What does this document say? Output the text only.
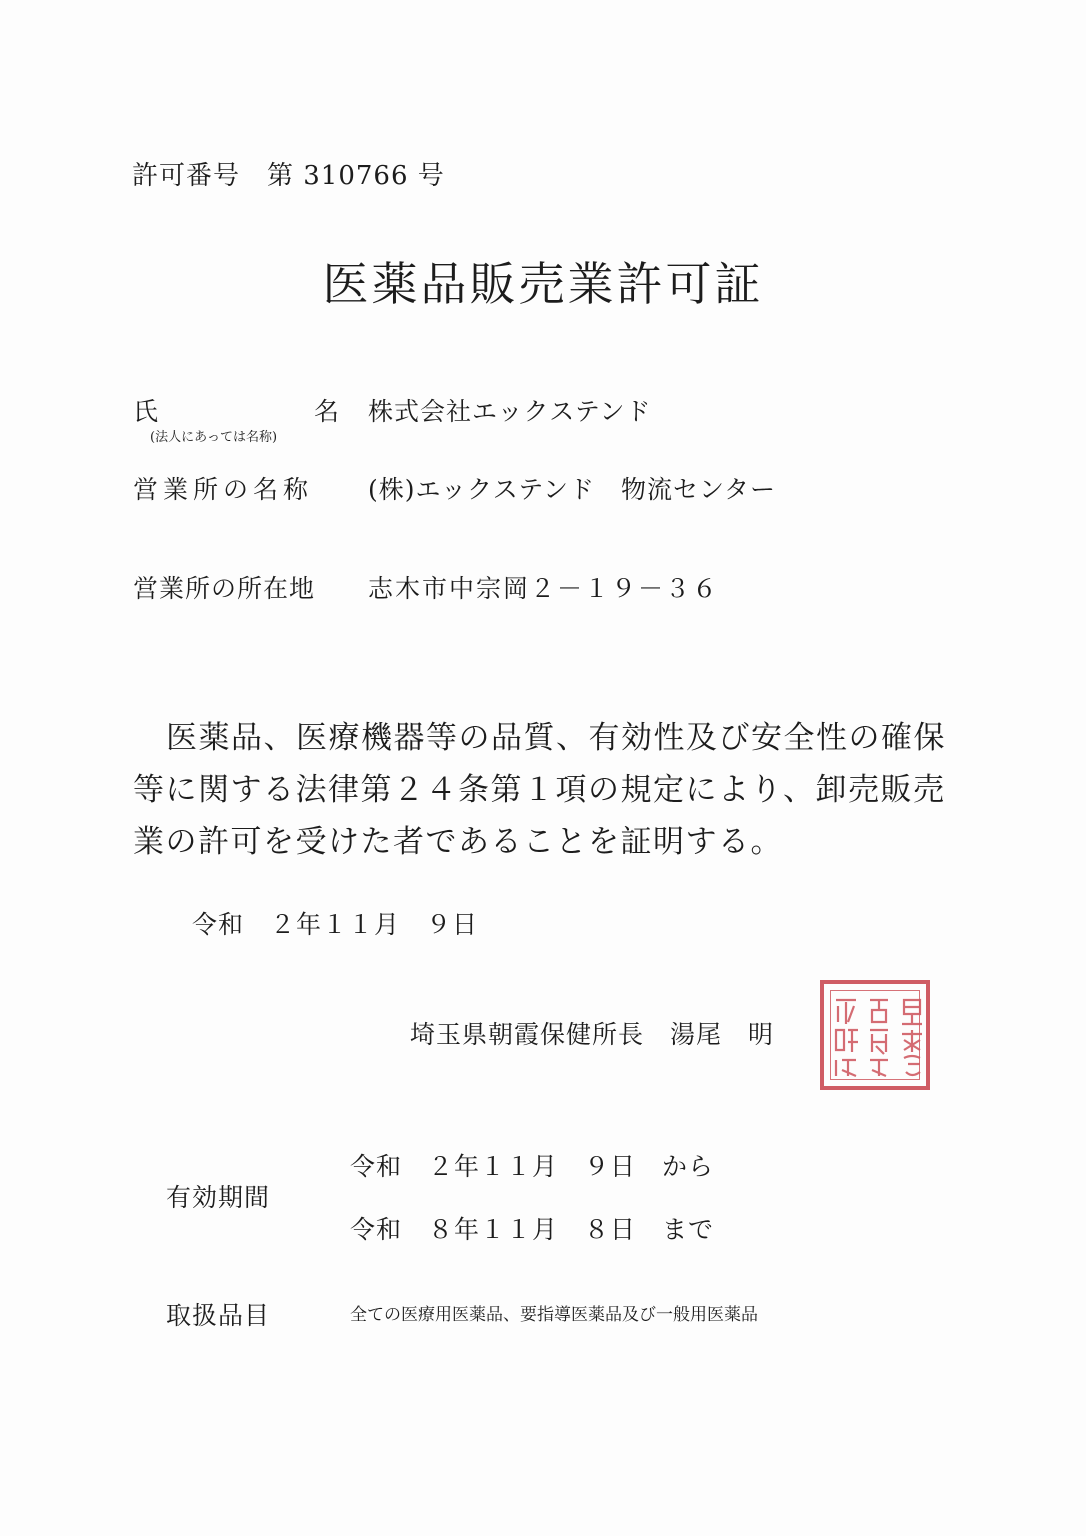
許可番号　第 310766 号
医薬品販売業許可証
氏	名
(法人にあっては名称)
株式会社エックステンド
営業所の名称 (株)エックステンド　物流センター
営業所の所在地 志木市中宗岡２－１９－３６
医薬品、医療機器等の品質、有効性及び安全性の確保等に関する法律第２４条第１項の規定により、卸売販売業の許可を受けた者であることを証明する。
令和　２年１１月　９日
埼玉県朝霞保健所長　湯尾　明
有効期間
令和　２年１１月　９日　から
令和　８年１１月　８日　まで
取扱品目	全ての医療用医薬品、要指導医薬品及び一般用医薬品
